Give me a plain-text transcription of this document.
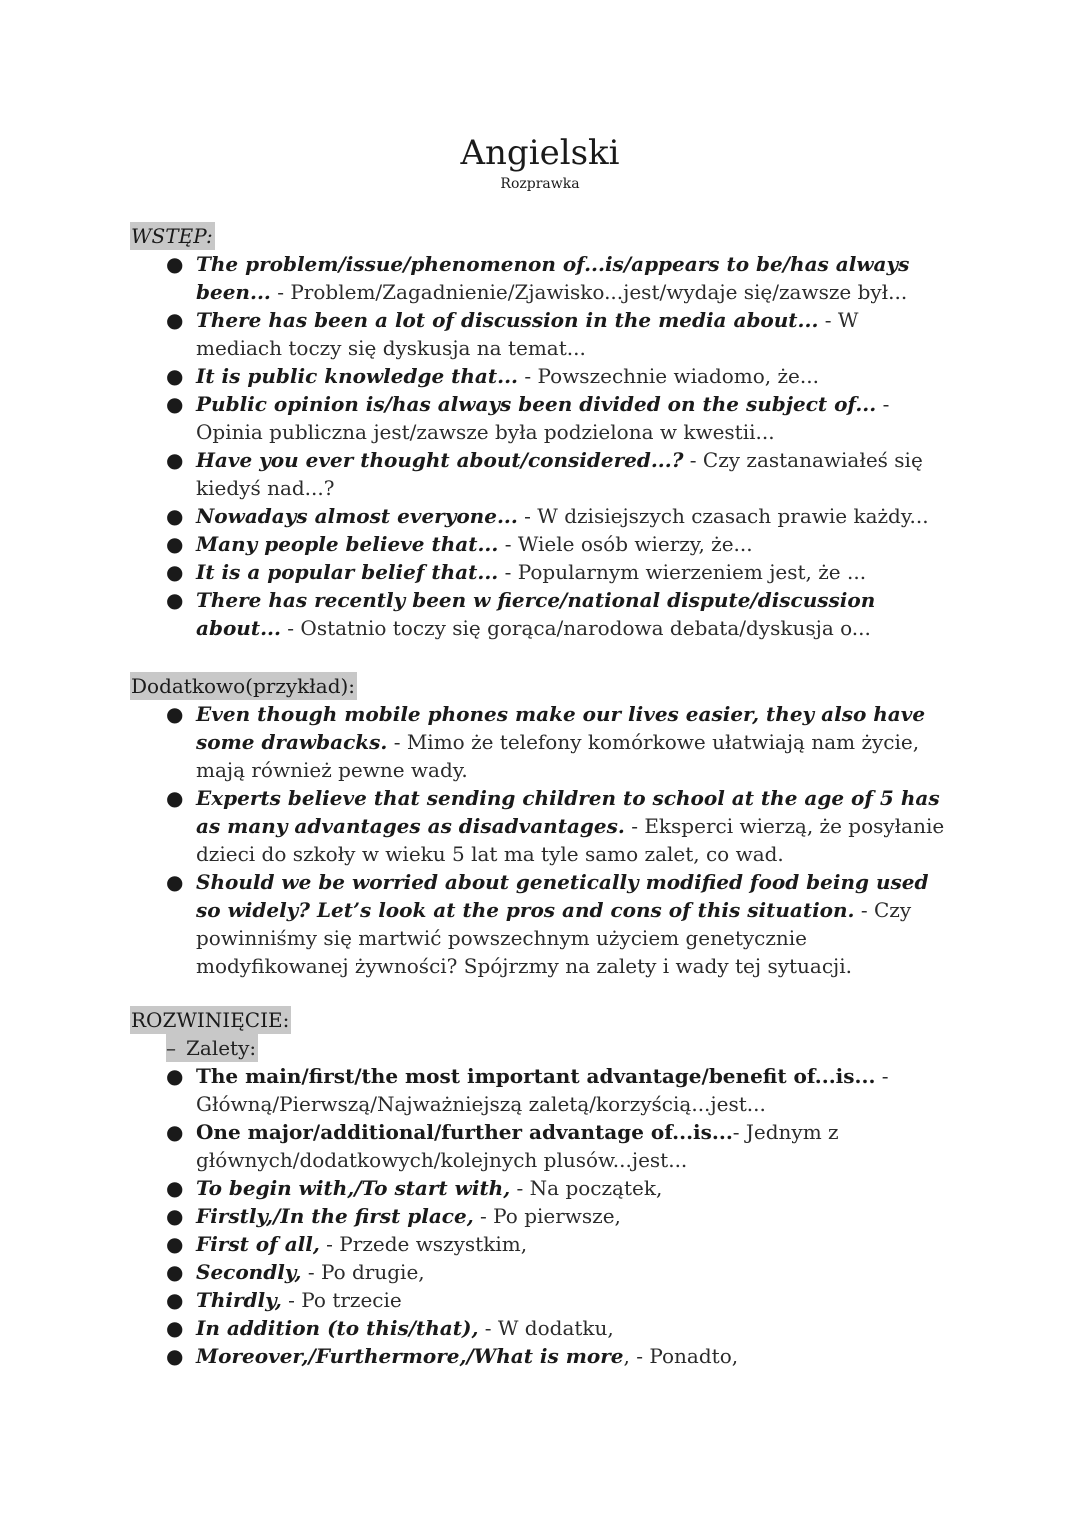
Angielski
Rozprawka
WSTĘP:
● The problem/issue/phenomenon of...is/appears to be/has always been... - Problem/Zagadnienie/Zjawisko...jest/wydaje się/zawsze był...
● There has been a lot of discussion in the media about... - W mediach toczy się dyskusja na temat...
● It is public knowledge that... - Powszechnie wiadomo, że...
● Public opinion is/has always been divided on the subject of... - Opinia publiczna jest/zawsze była podzielona w kwestii...
● Have you ever thought about/considered...? - Czy zastanawiałeś się kiedyś nad...?
● Nowadays almost everyone... - W dzisiejszych czasach prawie każdy...
● Many people believe that... - Wiele osób wierzy, że...
● It is a popular belief that... - Popularnym wierzeniem jest, że ...
● There has recently been w fierce/national dispute/discussion about... - Ostatnio toczy się gorąca/narodowa debata/dyskusja o...
Dodatkowo(przykład):
● Even though mobile phones make our lives easier, they also have some drawbacks. - Mimo że telefony komórkowe ułatwiają nam życie, mają również pewne wady.
● Experts believe that sending children to school at the age of 5 has as many advantages as disadvantages. - Eksperci wierzą, że posyłanie dzieci do szkoły w wieku 5 lat ma tyle samo zalet, co wad.
● Should we be worried about genetically modified food being used so widely? Let’s look at the pros and cons of this situation. - Czy powinniśmy się martwić powszechnym użyciem genetycznie modyfikowanej żywności? Spójrzmy na zalety i wady tej sytuacji.
ROZWINIĘCIE:
– Zalety:
● The main/first/the most important advantage/benefit of...is... - Główną/Pierwszą/Najważniejszą zaletą/korzyścią...jest...
● One major/additional/further advantage of...is...- Jednym z głównych/dodatkowych/kolejnych plusów...jest...
● To begin with,/To start with, - Na początek,
● Firstly,/In the first place, - Po pierwsze,
● First of all, - Przede wszystkim,
● Secondly, - Po drugie,
● Thirdly, - Po trzecie
● In addition (to this/that), - W dodatku,
● Moreover,/Furthermore,/What is more, - Ponadto,
